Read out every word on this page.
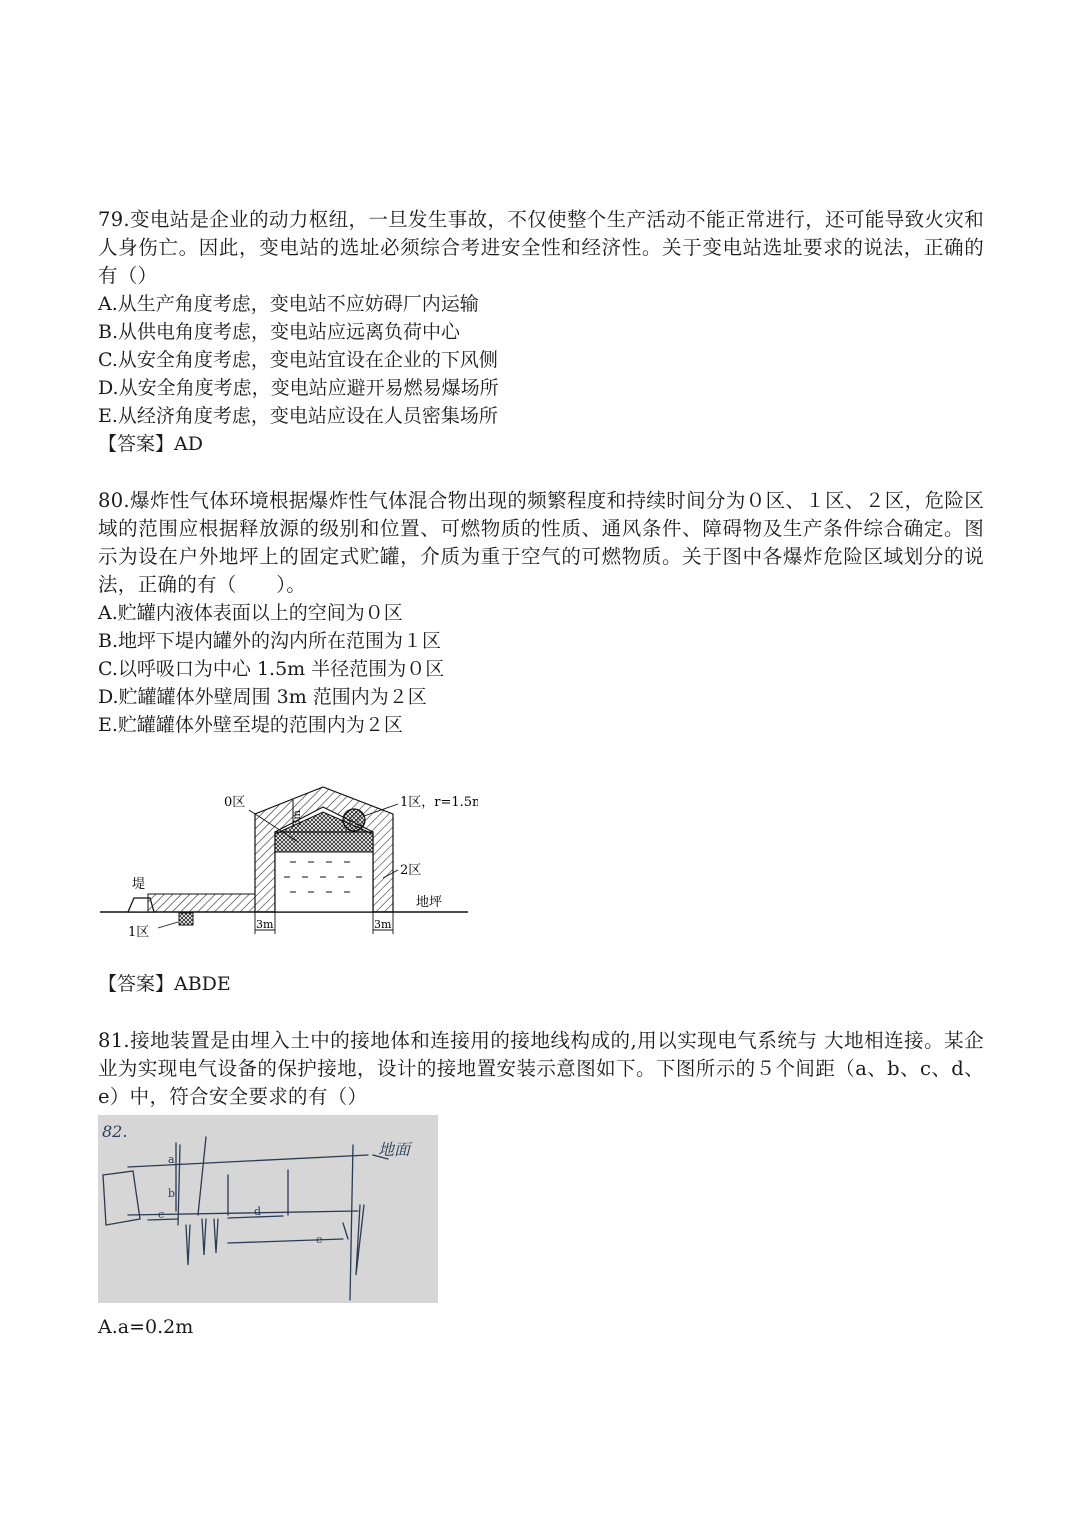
79.变电站是企业的动力枢纽，一旦发生事故，不仅使整个生产活动不能正常进行，还可能导致火灾和人身伤亡。因此，变电站的选址必须综合考进安全性和经济性。关于变电站选址要求的说法，正确的有（）

A.从生产角度考虑，变电站不应妨碍厂内运输

B.从供电角度考虑，变电站应远离负荷中心

C.从安全角度考虑，变电站宜设在企业的下风侧

D.从安全角度考虑，变电站应避开易燃易爆场所

E.从经济角度考虑，变电站应设在人员密集场所

【答案】AD

80.爆炸性气体环境根据爆炸性气体混合物出现的频繁程度和持续时间分为０区、１区、２区，危险区域的范围应根据释放源的级别和位置、可燃物质的性质、通风条件、障碍物及生产条件综合确定。图示为设在户外地坪上的固定式贮罐，介质为重于空气的可燃物质。关于图中各爆炸危险区域划分的说法，正确的有（　　）。

A.贮罐内液体表面以上的空间为０区

B.地坪下堤内罐外的沟内所在范围为１区

C.以呼吸口为中心 1.5m 半径范围为０区

D.贮罐罐体外壁周围 3m 范围内为２区

E.贮罐罐体外壁至堤的范围内为２区

0区	1区，r=1.5m
3m
2区
堤
地坪
1区
3m	3m

【答案】ABDE

81.接地装置是由埋入土中的接地体和连接用的接地线构成的,用以实现电气系统与 大地相连接。某企业为实现电气设备的保护接地，设计的接地置安装示意图如下。下图所示的５个间距（a、b、c、d、e）中，符合安全要求的有（）

82.
地面
a
b
c	d
e

A.a=0.2m
